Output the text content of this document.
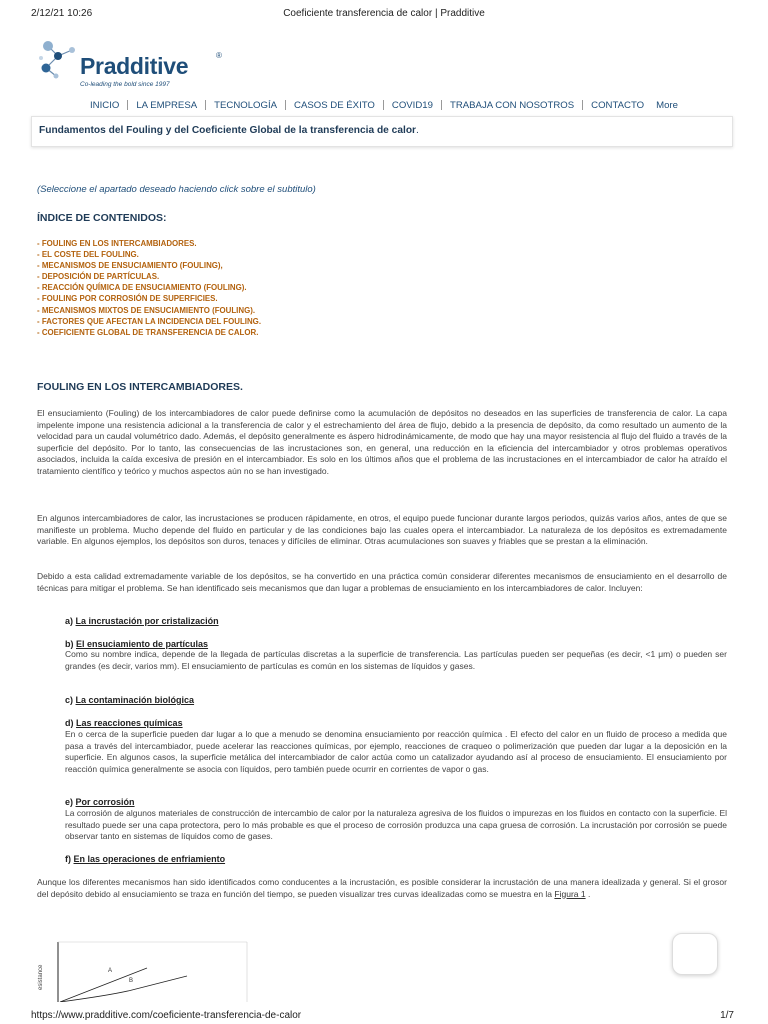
2/12/21 10:26	Coeficiente transferencia de calor | Pradditive
Pradditive	®
Co-leading the bold since 1997
INICIO LA EMPRESA TECNOLOGÍA CASOS DE ÉXITO COVID19 TRABAJA CON NOSOTROS CONTACTO More
Fundamentos del Fouling y del Coeficiente Global de la transferencia de calor.
(Seleccione el apartado deseado haciendo click sobre el subtitulo)
ÍNDICE DE CONTENIDOS:
- FOULING EN LOS INTERCAMBIADORES.
- EL COSTE DEL FOULING.
- MECANISMOS DE ENSUCIAMIENTO (FOULING),
- DEPOSICIÓN DE PARTÍCULAS.
- REACCIÓN QUÍMICA DE ENSUCIAMIENTO (FOULING).
- FOULING POR CORROSIÓN DE SUPERFICIES.
- MECANISMOS MIXTOS DE ENSUCIAMIENTO (FOULING).
- FACTORES QUE AFECTAN LA INCIDENCIA DEL FOULING.
- COEFICIENTE GLOBAL DE TRANSFERENCIA DE CALOR.
FOULING EN LOS INTERCAMBIADORES.
El ensuciamiento (Fouling) de los intercambiadores de calor puede definirse como la acumulación de depósitos no deseados en las superficies de transferencia de calor. La capa impelente impone una resistencia adicional a la transferencia de calor y el estrechamiento del área de flujo, debido a la presencia de depósito, da como resultado un aumento de la velocidad para un caudal volumétrico dado. Además, el depósito generalmente es áspero hidrodinámicamente, de modo que hay una mayor resistencia al flujo del fluido a través de la superficie del depósito. Por lo tanto, las consecuencias de las incrustaciones son, en general, una reducción en la eficiencia del intercambiador y otros problemas operativos asociados, incluida la caída excesiva de presión en el intercambiador. Es solo en los últimos años que el problema de las incrustaciones en el intercambiador de calor ha atraído el tratamiento científico y teórico y muchos aspectos aún no se han investigado.
En algunos intercambiadores de calor, las incrustaciones se producen rápidamente, en otros, el equipo puede funcionar durante largos periodos, quizás varios años, antes de que se manifieste un problema. Mucho depende del fluido en particular y de las condiciones bajo las cuales opera el intercambiador. La naturaleza de los depósitos es extremadamente variable. En algunos ejemplos, los depósitos son duros, tenaces y difíciles de eliminar. Otras acumulaciones son suaves y friables que se prestan a la eliminación.
Debido a esta calidad extremadamente variable de los depósitos, se ha convertido en una práctica común considerar diferentes mecanismos de ensuciamiento en el desarrollo de técnicas para mitigar el problema. Se han identificado seis mecanismos que dan lugar a problemas de ensuciamiento en los intercambiadores de calor. Incluyen:
a) La incrustación por cristalización
b) El ensuciamiento de partículas
Como su nombre indica, depende de la llegada de partículas discretas a la superficie de transferencia. Las partículas pueden ser pequeñas (es decir, <1 μm) o pueden ser grandes (es decir, varios mm). El ensuciamiento de partículas es común en los sistemas de líquidos y gases.
c) La contaminación biológica
d) Las reacciones químicas
En o cerca de la superficie pueden dar lugar a lo que a menudo se denomina ensuciamiento por reacción química . El efecto del calor en un fluido de proceso a medida que pasa a través del intercambiador, puede acelerar las reacciones químicas, por ejemplo, reacciones de craqueo o polimerización que pueden dar lugar a la deposición en la superficie. En algunos casos, la superficie metálica del intercambiador de calor actúa como un catalizador ayudando así al proceso de ensuciamiento. El ensuciamiento por reacción química generalmente se asocia con líquidos, pero también puede ocurrir en corrientes de vapor o gas.
e) Por corrosión
La corrosión de algunos materiales de construcción de intercambio de calor por la naturaleza agresiva de los fluidos o impurezas en los fluidos en contacto con la superficie. El resultado puede ser una capa protectora, pero lo más probable es que el proceso de corrosión produzca una capa gruesa de corrosión. La incrustación por corrosión se puede observar tanto en sistemas de líquidos como de gases.
f) En las operaciones de enfriamiento
Aunque los diferentes mecanismos han sido identificados como conducentes a la incrustación, es posible considerar la incrustación de una manera idealizada y general. Si el grosor del depósito debido al ensuciamiento se traza en función del tiempo, se pueden visualizar tres curvas idealizadas como se muestra en la Figura 1 .
A
B
esistance
https://www.pradditive.com/coeficiente-transferencia-de-calor	1/7
